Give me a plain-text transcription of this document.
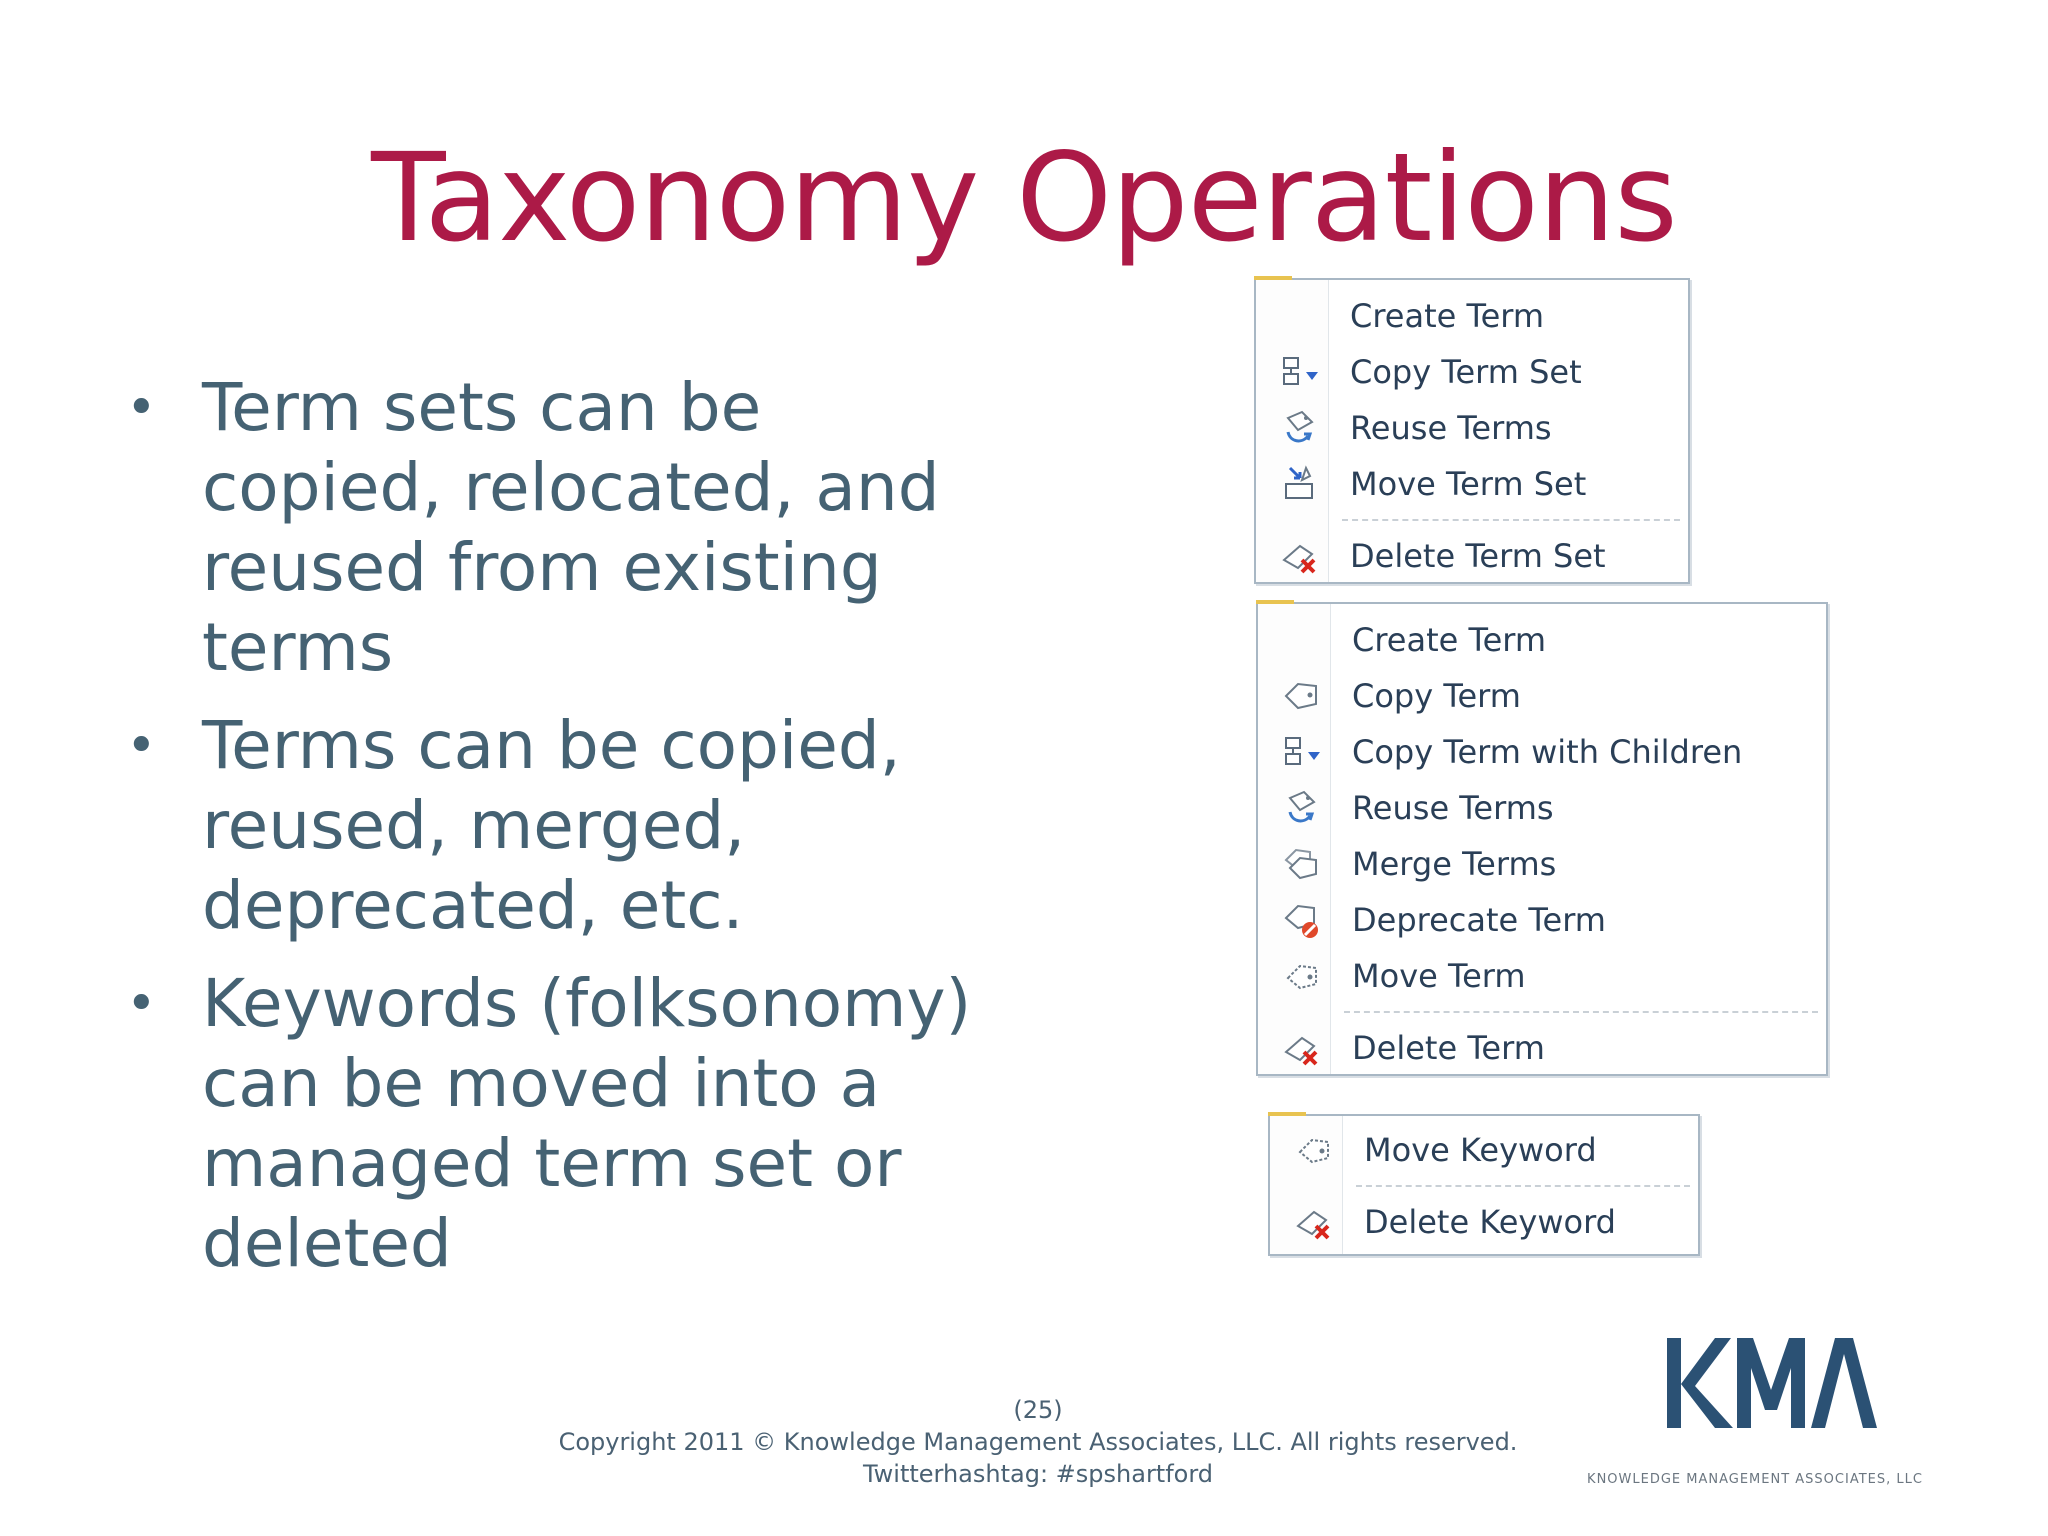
Taxonomy Operations
• Term sets can be copied, relocated, and reused from existing terms
• Terms can be copied, reused, merged, deprecated, etc.
• Keywords (folksonomy) can be moved into a managed term set or deleted
Create Term
Copy Term Set
Reuse Terms
Move Term Set
Delete Term Set
Create Term
Copy Term
Copy Term with Children
Reuse Terms
Merge Terms
Deprecate Term
Move Term
Delete Term
Move Keyword
Delete Keyword
(25)
Copyright 2011 © Knowledge Management Associates, LLC. All rights reserved.
Twitterhashtag: #spshartford	KNOWLEDGE MANAGEMENT ASSOCIATES, LLC
